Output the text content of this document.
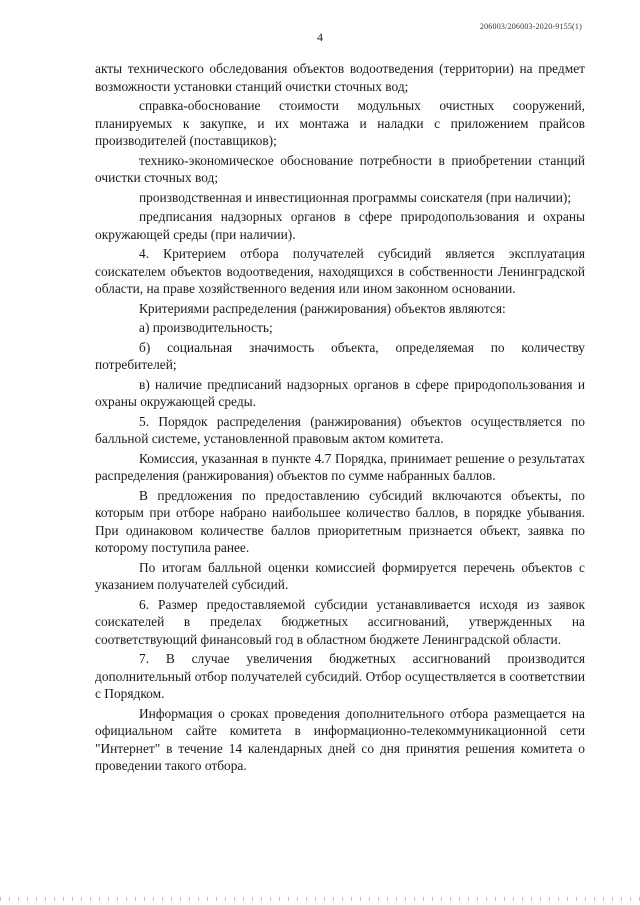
4
206003/206003-2020-9155(1)

акты технического обследования объектов водоотведения (территории) на предмет возможности установки станций очистки сточных вод;

справка-обоснование стоимости модульных очистных сооружений, планируемых к закупке, и их монтажа и наладки с приложением прайсов производителей (поставщиков);

технико-экономическое обоснование потребности в приобретении станций очистки сточных вод;

производственная и инвестиционная программы соискателя (при наличии);

предписания надзорных органов в сфере природопользования и охраны окружающей среды (при наличии).

4. Критерием отбора получателей субсидий является эксплуатация соискателем объектов водоотведения, находящихся в собственности Ленинградской области, на праве хозяйственного ведения или ином законном основании.

Критериями распределения (ранжирования) объектов являются:

а) производительность;

б) социальная значимость объекта, определяемая по количеству потребителей;

в) наличие предписаний надзорных органов в сфере природопользования и охраны окружающей среды.

5. Порядок распределения (ранжирования) объектов осуществляется по балльной системе, установленной правовым актом комитета.

Комиссия, указанная в пункте 4.7 Порядка, принимает решение о результатах распределения (ранжирования) объектов по сумме набранных баллов.

В предложения по предоставлению субсидий включаются объекты, по которым при отборе набрано наибольшее количество баллов, в порядке убывания. При одинаковом количестве баллов приоритетным признается объект, заявка по которому поступила ранее.

По итогам балльной оценки комиссией формируется перечень объектов с указанием получателей субсидий.

6. Размер предоставляемой субсидии устанавливается исходя из заявок соискателей в пределах бюджетных ассигнований, утвержденных на соответствующий финансовый год в областном бюджете Ленинградской области.

7. В случае увеличения бюджетных ассигнований производится дополнительный отбор получателей субсидий. Отбор осуществляется в соответствии с Порядком.

Информация о сроках проведения дополнительного отбора размещается на официальном сайте комитета в информационно-телекоммуникационной сети "Интернет" в течение 14 календарных дней со дня принятия решения комитета о проведении такого отбора.
